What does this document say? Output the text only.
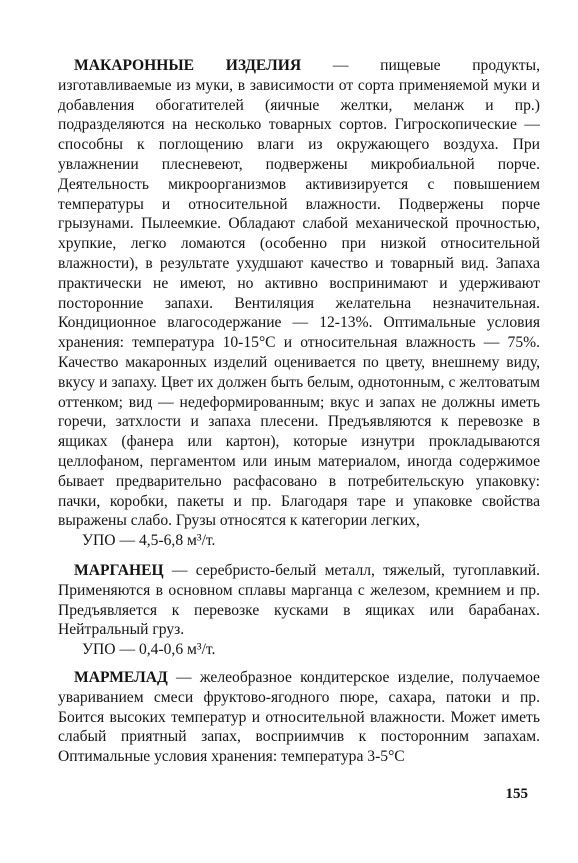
МАКАРОННЫЕ ИЗДЕЛИЯ — пищевые продукты, изготавливаемые из муки, в зависимости от сорта применяемой муки и добавления обогатителей (яичные желтки, меланж и пр.) подразделяются на несколько товарных сортов. Гигроскопические — способны к поглощению влаги из окружающего воздуха. При увлажнении плесневеют, подвержены микробиальной порче. Деятельность микроорганизмов активизируется с повышением температуры и относительной влажности. Подвержены порче грызунами. Пылеемкие. Обладают слабой механической прочностью, хрупкие, легко ломаются (особенно при низкой относительной влажности), в результате ухудшают качество и товарный вид. Запаха практически не имеют, но активно воспринимают и удерживают посторонние запахи. Вентиляция желательна незначительная. Кондиционное влагосодержание — 12-13%. Оптимальные условия хранения: температура 10-15°С и относительная влажность — 75%. Качество макаронных изделий оценивается по цвету, внешнему виду, вкусу и запаху. Цвет их должен быть белым, однотонным, с желтоватым оттенком; вид — недеформированным; вкус и запах не должны иметь горечи, затхлости и запаха плесени. Предъявляются к перевозке в ящиках (фанера или картон), которые изнутри прокладываются целлофаном, пергаментом или иным материалом, иногда содержимое бывает предварительно расфасовано в потребительскую упаковку: пачки, коробки, пакеты и пр. Благодаря таре и упаковке свойства выражены слабо. Грузы относятся к категории легких,

УПО — 4,5-6,8 м³/т.

МАРГАНЕЦ — серебристо-белый металл, тяжелый, тугоплавкий. Применяются в основном сплавы марганца с железом, кремнием и пр. Предъявляется к перевозке кусками в ящиках или барабанах. Нейтральный груз.

УПО — 0,4-0,6 м³/т.

МАРМЕЛАД — желеобразное кондитерское изделие, получаемое увариванием смеси фруктово-ягодного пюре, сахара, патоки и пр. Боится высоких температур и относительной влажности. Может иметь слабый приятный запах, восприимчив к посторонним запахам. Оптимальные условия хранения: температура 3-5°С

155
